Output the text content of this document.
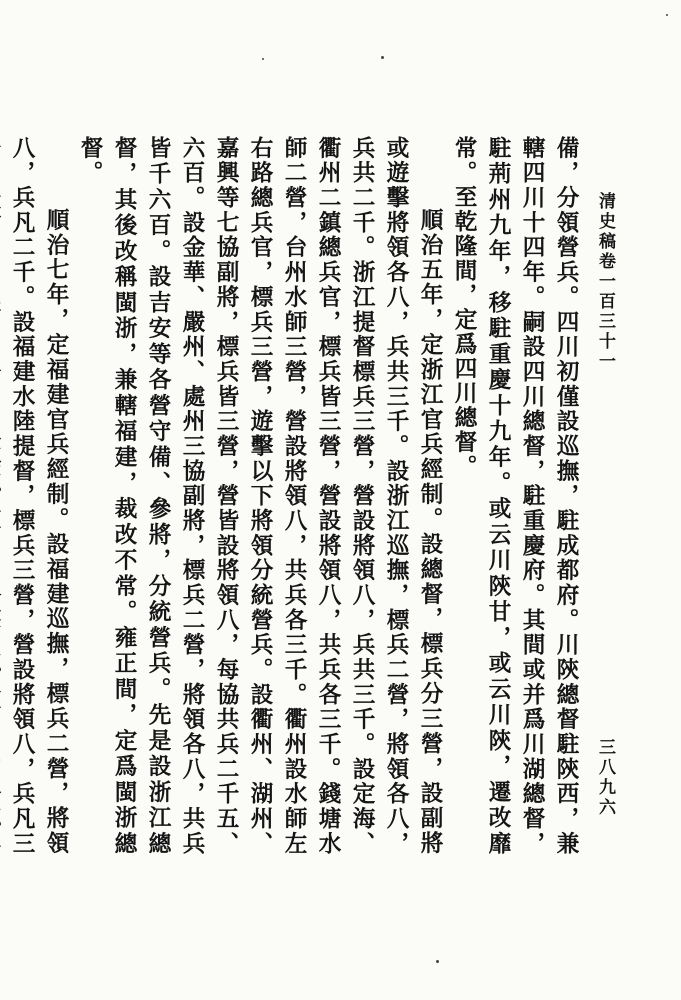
清史稿卷一百三十一
三八九六

備，分領營兵。四川初僅設巡撫，駐成都府。川陝總督駐陝西，兼轄四川十四年。嗣設四川總督，駐重慶府。其間或并爲川湖總督，駐荊州九年，移駐重慶十九年。或云川陝甘，或云川陝，遷改靡常。至乾隆間，定爲四川總督。

順治五年，定浙江官兵經制。設總督，標兵分三營，設副將或遊擊將領各八，兵共三千。設浙江巡撫，標兵二營，將領各八，兵共二千。浙江提督標兵三營，營設將領八，兵共三千。設定海、衢州二鎮總兵官，標兵皆三營，營設將領八，共兵各三千。錢塘水師二營，台州水師三營，營設將領八，共兵各三千。衢州設水師左右路總兵官，標兵三營，遊擊以下將領分統營兵。設衢州、湖州、嘉興等七協副將，標兵皆三營，營皆設將領八，每協共兵二千五、六百。設金華、嚴州、處州三協副將，標兵二營，將領各八，共兵皆千六百。設吉安等各營守備、參將，分統營兵。先是設浙江總督，其後改稱閩浙，兼轄福建，裁改不常。雍正間，定爲閩浙總督。

順治七年，定福建官兵經制。設福建巡撫，標兵二營，將領八，兵凡二千。設福建水陸提督，標兵三營，營設將領八，兵凡三
